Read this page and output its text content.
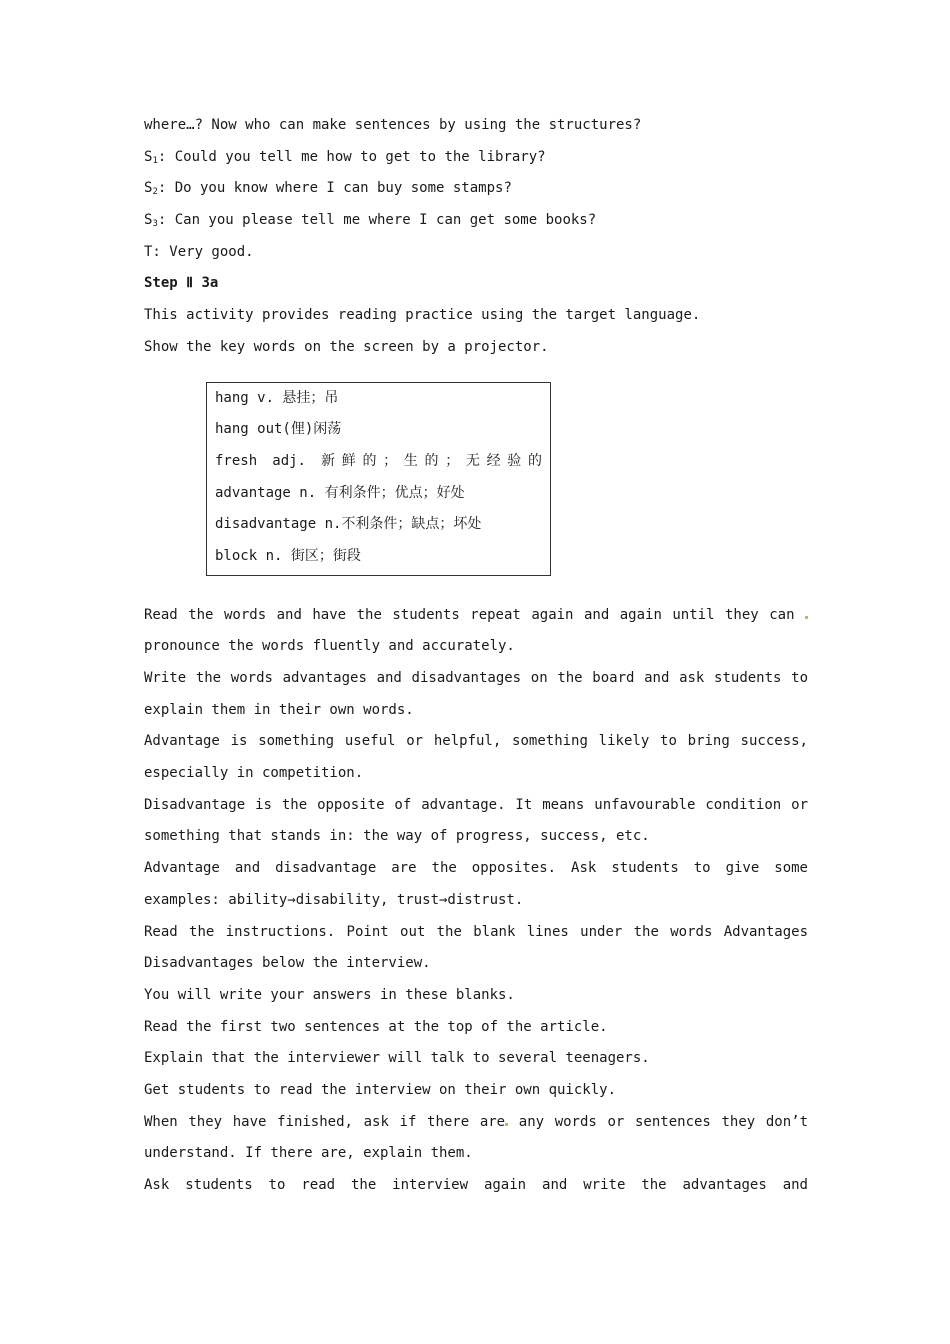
where…? Now who can make sentences by using the structures?
$S_1$: Could you tell me how to get to the library?
$S_2$: Do you know where I can buy some stamps?
$S_3$: Can you please tell me where I can get some books?
T: Very good.
Step Ⅱ 3a
This activity provides reading practice using the target language.
Show the key words on the screen by a projector.
hang v. 悬挂；吊
hang out(俚)闲荡
fresh adj. 新鲜的；生的；无经验的
advantage n. 有利条件；优点；好处
disadvantage n.不利条件；缺点；坏处
block n. 街区；街段
Read the words and have the students repeat again and again until they can
pronounce the words fluently and accurately.
Write the words advantages and disadvantages on the board and ask students to
explain them in their own words.
Advantage is something useful or helpful, something likely to bring success,
especially in competition.
Disadvantage is the opposite of advantage. It means unfavourable condition or
something that stands in: the way of progress, success, etc.
Advantage and disadvantage are the opposites. Ask students to give some
examples: ability→disability, trust→distrust.
Read the instructions. Point out the blank lines under the words Advantages
Disadvantages below the interview.
You will write your answers in these blanks.
Read the first two sentences at the top of the article.
Explain that the interviewer will talk to several teenagers.
Get students to read the interview on their own quickly.
When they have finished, ask if there are any words or sentences they don’t
understand. If there are, explain them.
Ask students to read the interview again and write the advantages and
